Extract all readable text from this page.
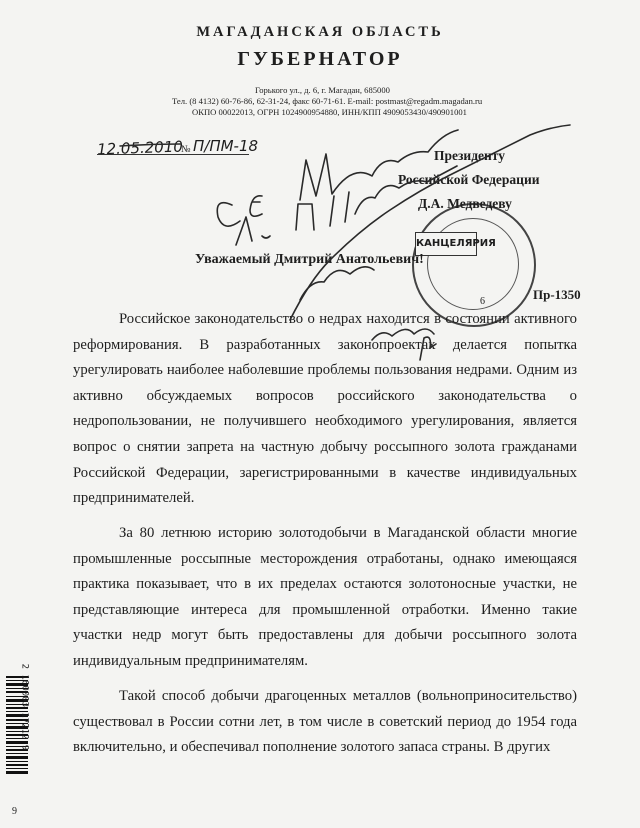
МАГАДАНСКАЯ ОБЛАСТЬ
ГУБЕРНАТОР
Горького ул., д. 6, г. Магадан, 685000
Тел. (8 4132) 60-76-86, 62-31-24, факс 60-71-61. E-mail: postmast@regadm.magadan.ru
ОКПО 00022013, ОГРН 1024900954880, ИНН/КПП 4909053430/490901001
12.05.2010
№ П/ПМ-18
КАНЦЕЛЯРИЯ
6
Президенту
Российской Федерации
Д.А. Медведеву
Уважаемый Дмитрий Анатольевич!
Пр-1350

Российское законодательство о недрах находится в состоянии активного реформирования. В разработанных законопроектах делается попытка урегулировать наиболее наболевшие проблемы пользования недрами. Одним из активно обсуждаемых вопросов российского законодательства о недропользовании, не получившего необходимого урегулирования, является вопрос о снятии запрета на частную добычу россыпного золота гражданами Российской Федерации, зарегистрированными в качестве индивидуальных предпринимателей.

За 80 летнюю историю золотодобычи в Магаданской области многие промышленные россыпные месторождения отработаны, однако имеющаяся практика показывает, что в их пределах остаются золотоносные участки, не представляющие интереса для промышленной отработки. Именно такие участки недр могут быть предоставлены для добычи россыпного золота индивидуальным предпринимателям.

Такой способ добычи драгоценных металлов (вольноприносительство) существовал в России сотни лет, в том числе в советский период до 1954 года включительно, и обеспечивал пополнение золотого запаса страны. В других

2 160003 17212 9
9
